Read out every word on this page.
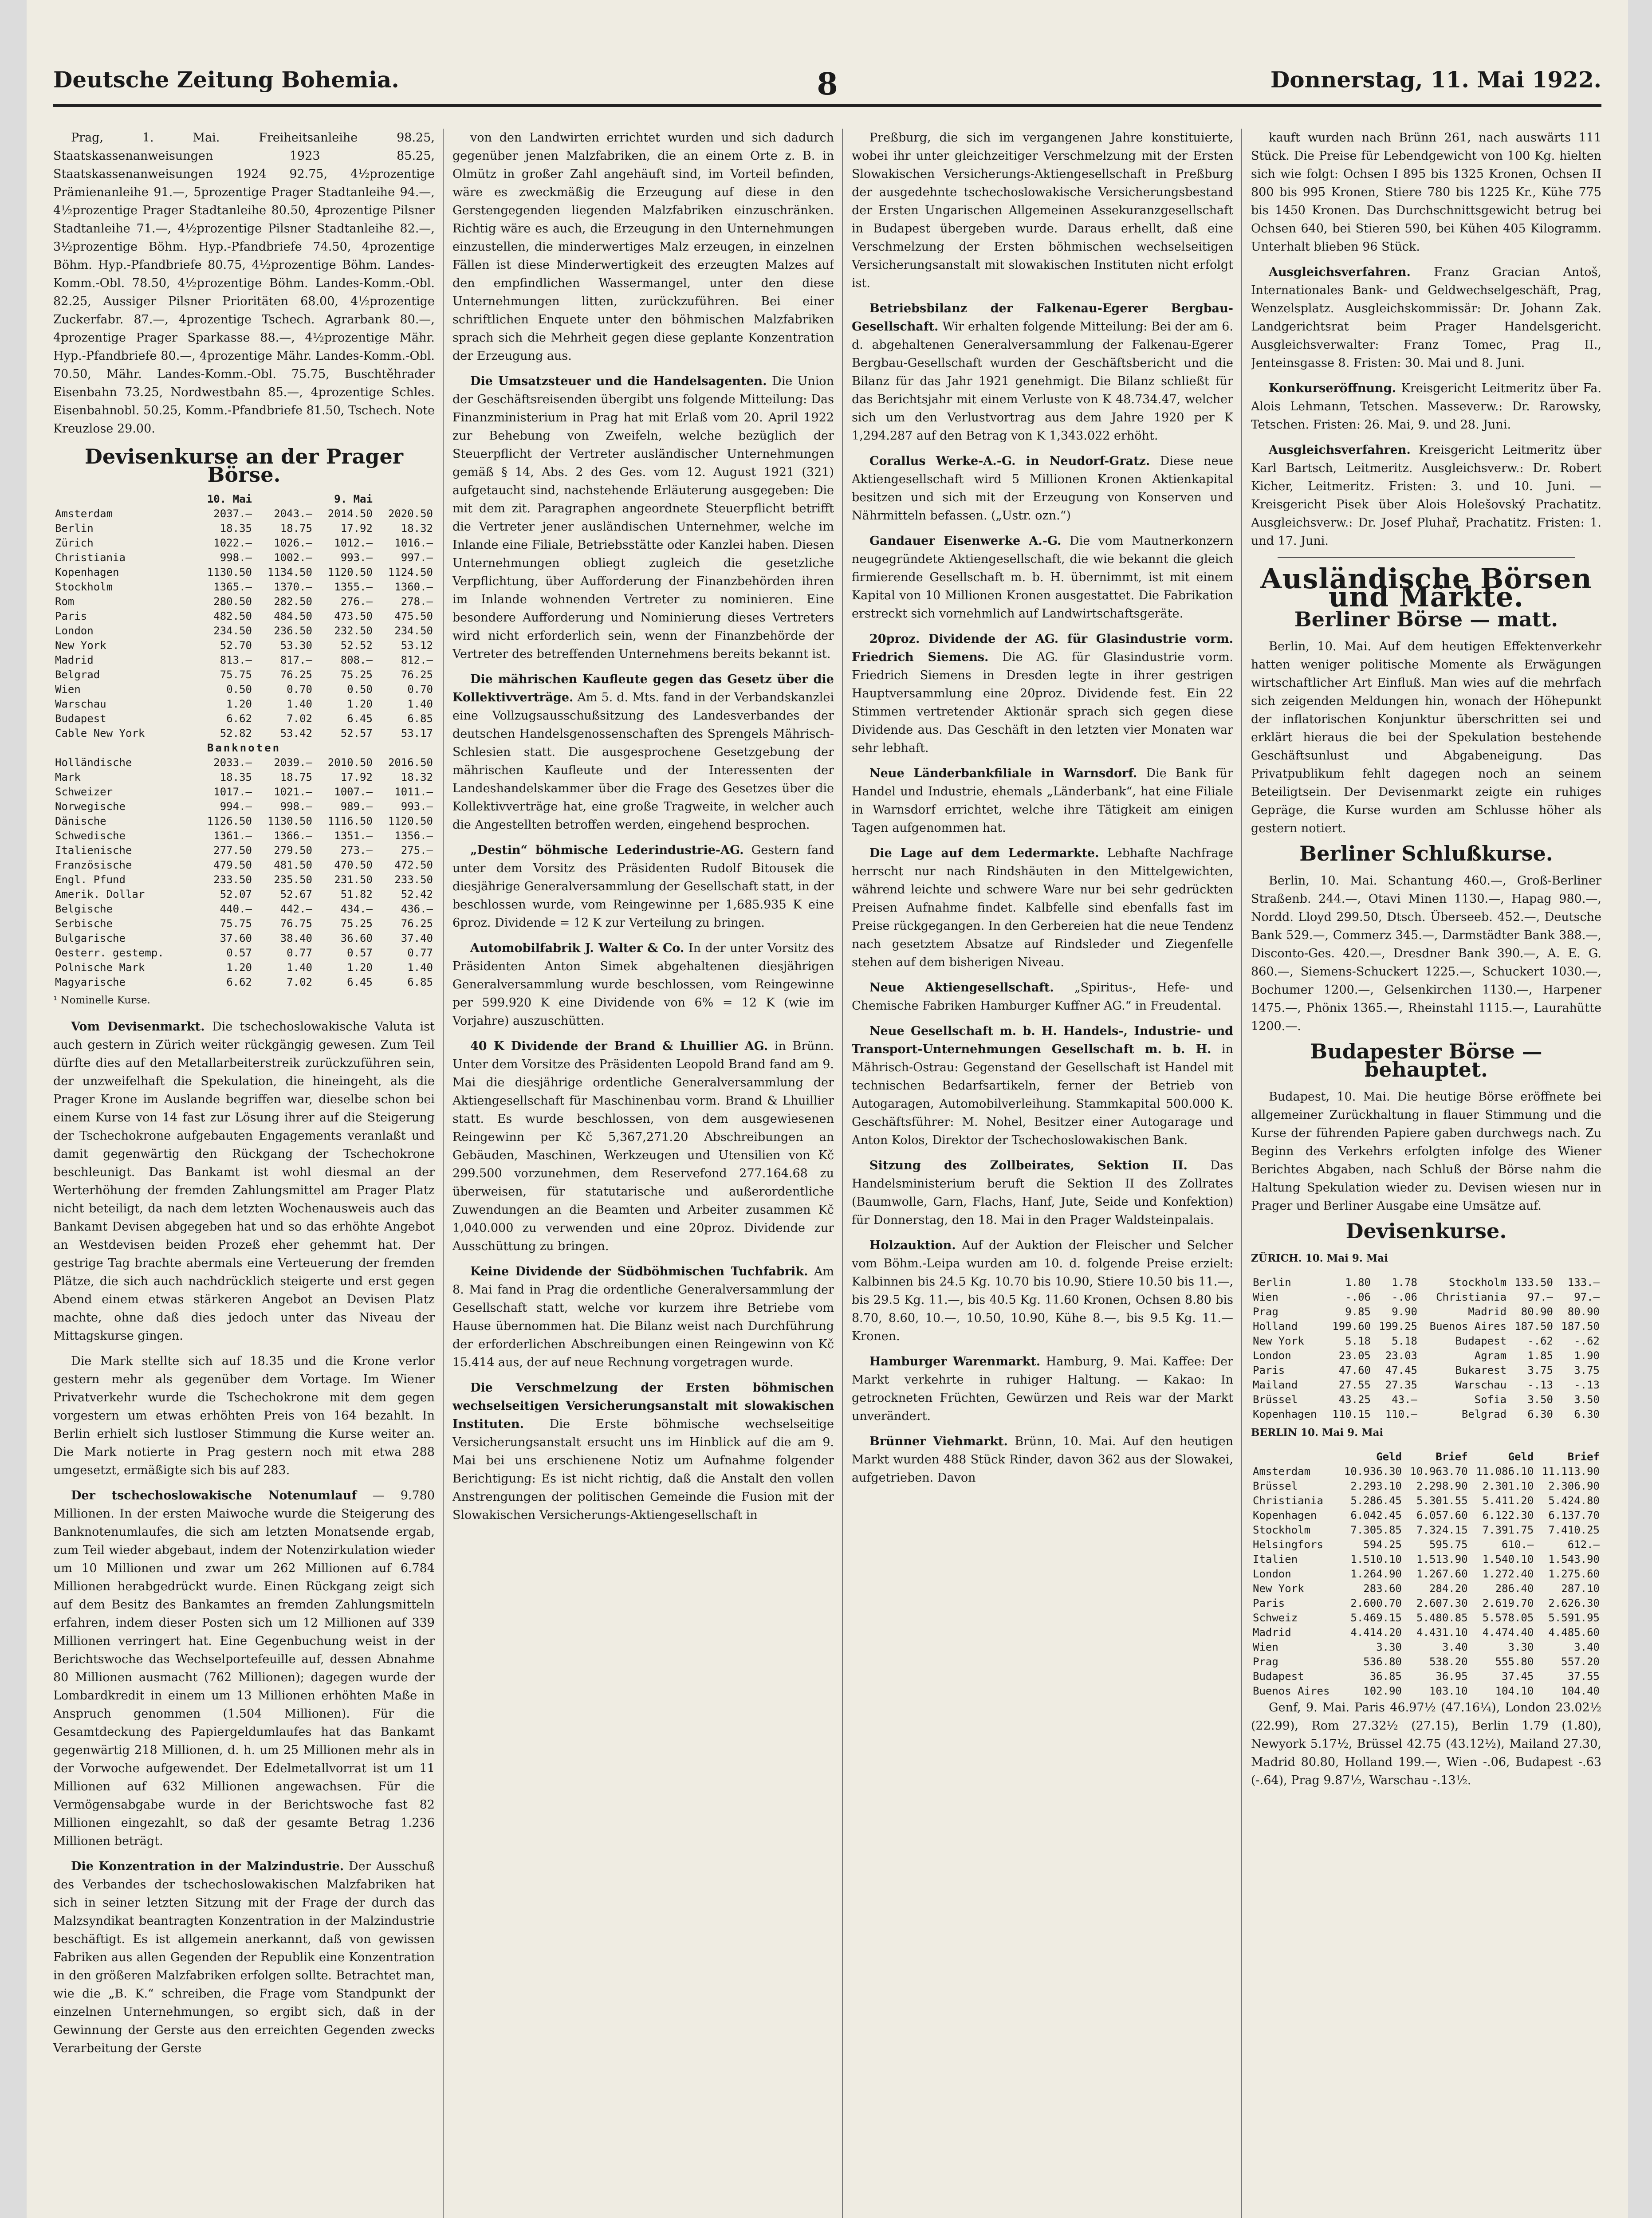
Deutsche Zeitung Bohemia.	8	Donnerstag, 11. Mai 1922.

Prag, 1. Mai. Freiheitsanleihe 98.25, Staatskassenanweisungen 1923 85.25, Staatskassenanweisungen 1924 92.75, 4½prozentige Prämienanleihe 91.—, 5prozentige Prager Stadtanleihe 94.—, 4½prozentige Prager Stadtanleihe 80.50, 4prozentige Pilsner Stadtanleihe 71.—, 4½prozentige Pilsner Stadtanleihe 82.—, 3½prozentige Böhm. Hyp.-Pfandbriefe 74.50, 4prozentige Böhm. Hyp.-Pfandbriefe 80.75, 4½prozentige Böhm. Landes-Komm.-Obl. 78.50, 4½prozentige Böhm. Landes-Komm.-Obl. 82.25, Aussiger Pilsner Prioritäten 68.00, 4½prozentige Zuckerfabr. 87.—, 4prozentige Tschech. Agrarbank 80.—, 4prozentige Prager Sparkasse 88.—, 4½prozentige Mähr. Hyp.-Pfandbriefe 80.—, 4prozentige Mähr. Landes-Komm.-Obl. 70.50, Mähr. Landes-Komm.-Obl. 75.75, Buschtěhrader Eisenbahn 73.25, Nordwestbahn 85.—, 4prozentige Schles. Eisenbahnobl. 50.25, Komm.-Pfandbriefe 81.50, Tschech. Note Kreuzlose 29.00.

Devisenkurse an der Prager Börse.
	10. Mai		9. Mai	
Amsterdam	2037.—	2043.—	2014.50	2020.50
Berlin	18.35	18.75	17.92	18.32
Zürich	1022.—	1026.—	1012.—	1016.—
Christiania	998.—	1002.—	993.—	997.—
Kopenhagen	1130.50	1134.50	1120.50	1124.50
Stockholm	1365.—	1370.—	1355.—	1360.—
Rom	280.50	282.50	276.—	278.—
Paris	482.50	484.50	473.50	475.50
London	234.50	236.50	232.50	234.50
New York	52.70	53.30	52.52	53.12
Madrid	813.—	817.—	808.—	812.—
Belgrad	75.75	76.25	75.25	76.25
Wien	0.50	0.70	0.50	0.70
Warschau	1.20	1.40	1.20	1.40
Budapest	6.62	7.02	6.45	6.85
Cable New York	52.82	53.42	52.57	53.17
Banknoten				
Holländische	2033.—	2039.—	2010.50	2016.50
Mark	18.35	18.75	17.92	18.32
Schweizer	1017.—	1021.—	1007.—	1011.—
Norwegische	994.—	998.—	989.—	993.—
Dänische	1126.50	1130.50	1116.50	1120.50
Schwedische	1361.—	1366.—	1351.—	1356.—
Italienische	277.50	279.50	273.—	275.—
Französische	479.50	481.50	470.50	472.50
Engl. Pfund	233.50	235.50	231.50	233.50
Amerik. Dollar	52.07	52.67	51.82	52.42
Belgische	440.—	442.—	434.—	436.—
Serbische	75.75	76.75	75.25	76.25
Bulgarische	37.60	38.40	36.60	37.40
Oesterr. gestemp.	0.57	0.77	0.57	0.77
Polnische Mark	1.20	1.40	1.20	1.40
Magyarische	6.62	7.02	6.45	6.85
¹ Nominelle Kurse.

Vom Devisenmarkt. Die tschechoslowakische Valuta ist auch gestern in Zürich weiter rückgängig gewesen. Zum Teil dürfte dies auf den Metallarbeiterstreik zurückzuführen sein, der unzweifelhaft die Spekulation, die hineingeht, als die Prager Krone im Auslande begriffen war, dieselbe schon bei einem Kurse von 14 fast zur Lösung ihrer auf die Steigerung der Tschechokrone aufgebauten Engagements veranlaßt und damit gegenwärtig den Rückgang der Tschechokrone beschleunigt. Das Bankamt ist wohl diesmal an der Werterhöhung der fremden Zahlungsmittel am Prager Platz nicht beteiligt, da nach dem letzten Wochenausweis auch das Bankamt Devisen abgegeben hat und so das erhöhte Angebot an Westdevisen beiden Prozeß eher gehemmt hat. Der gestrige Tag brachte abermals eine Verteuerung der fremden Plätze, die sich auch nachdrücklich steigerte und erst gegen Abend einem etwas stärkeren Angebot an Devisen Platz machte, ohne daß dies jedoch unter das Niveau der Mittagskurse gingen.

Die Mark stellte sich auf 18.35 und die Krone verlor gestern mehr als gegenüber dem Vortage. Im Wiener Privatverkehr wurde die Tschechokrone mit dem gegen vorgestern um etwas erhöhten Preis von 164 bezahlt. In Berlin erhielt sich lustloser Stimmung die Kurse weiter an. Die Mark notierte in Prag gestern noch mit etwa 288 umgesetzt, ermäßigte sich bis auf 283.

Der tschechoslowakische Notenumlauf — 9.780 Millionen. In der ersten Maiwoche wurde die Steigerung des Banknotenumlaufes, die sich am letzten Monatsende ergab, zum Teil wieder abgebaut, indem der Notenzirkulation wieder um 10 Millionen und zwar um 262 Millionen auf 6.784 Millionen herabgedrückt wurde. Einen Rückgang zeigt sich auf dem Besitz des Bankamtes an fremden Zahlungsmitteln erfahren, indem dieser Posten sich um 12 Millionen auf 339 Millionen verringert hat. Eine Gegenbuchung weist in der Berichtswoche das Wechselportefeuille auf, dessen Abnahme 80 Millionen ausmacht (762 Millionen); dagegen wurde der Lombardkredit in einem um 13 Millionen erhöhten Maße in Anspruch genommen (1.504 Millionen). Für die Gesamtdeckung des Papiergeldumlaufes hat das Bankamt gegenwärtig 218 Millionen, d. h. um 25 Millionen mehr als in der Vorwoche aufgewendet. Der Edelmetallvorrat ist um 11 Millionen auf 632 Millionen angewachsen. Für die Vermögensabgabe wurde in der Berichtswoche fast 82 Millionen eingezahlt, so daß der gesamte Betrag 1.236 Millionen beträgt.

Die Konzentration in der Malzindustrie. Der Ausschuß des Verbandes der tschechoslowakischen Malzfabriken hat sich in seiner letzten Sitzung mit der Frage der durch das Malzsyndikat beantragten Konzentration in der Malzindustrie beschäftigt. Es ist allgemein anerkannt, daß von gewissen Fabriken aus allen Gegenden der Republik eine Konzentration in den größeren Malzfabriken erfolgen sollte. Betrachtet man, wie die „B. K.“ schreiben, die Frage vom Standpunkt der einzelnen Unternehmungen, so ergibt sich, daß in der Gewinnung der Gerste aus den erreichten Gegenden zwecks Verarbeitung der Gerste

von den Landwirten errichtet wurden und sich dadurch gegenüber jenen Malzfabriken, die an einem Orte z. B. in Olmütz in großer Zahl angehäuft sind, im Vorteil befinden, wäre es zweckmäßig die Erzeugung auf diese in den Gerstengegenden liegenden Malzfabriken einzuschränken. Richtig wäre es auch, die Erzeugung in den Unternehmungen einzustellen, die minderwertiges Malz erzeugen, in einzelnen Fällen ist diese Minderwertigkeit des erzeugten Malzes auf den empfindlichen Wassermangel, unter den diese Unternehmungen litten, zurückzuführen. Bei einer schriftlichen Enquete unter den böhmischen Malzfabriken sprach sich die Mehrheit gegen diese geplante Konzentration der Erzeugung aus.

Die Umsatzsteuer und die Handelsagenten. Die Union der Geschäftsreisenden übergibt uns folgende Mitteilung: Das Finanzministerium in Prag hat mit Erlaß vom 20. April 1922 zur Behebung von Zweifeln, welche bezüglich der Steuerpflicht der Vertreter ausländischer Unternehmungen gemäß § 14, Abs. 2 des Ges. vom 12. August 1921 (321) aufgetaucht sind, nachstehende Erläuterung ausgegeben: Die mit dem zit. Paragraphen angeordnete Steuerpflicht betrifft die Vertreter jener ausländischen Unternehmer, welche im Inlande eine Filiale, Betriebsstätte oder Kanzlei haben. Diesen Unternehmungen obliegt zugleich die gesetzliche Verpflichtung, über Aufforderung der Finanzbehörden ihren im Inlande wohnenden Vertreter zu nominieren. Eine besondere Aufforderung und Nominierung dieses Vertreters wird nicht erforderlich sein, wenn der Finanzbehörde der Vertreter des betreffenden Unternehmens bereits bekannt ist.

Die mährischen Kaufleute gegen das Gesetz über die Kollektivverträge. Am 5. d. Mts. fand in der Verbandskanzlei eine Vollzugsausschußsitzung des Landesverbandes der deutschen Handelsgenossenschaften des Sprengels Mährisch-Schlesien statt. Die ausgesprochene Gesetzgebung der mährischen Kaufleute und der Interessenten der Landeshandelskammer über die Frage des Gesetzes über die Kollektivverträge hat, eine große Tragweite, in welcher auch die Angestellten betroffen werden, eingehend besprochen.

„Destin“ böhmische Lederindustrie-AG. Gestern fand unter dem Vorsitz des Präsidenten Rudolf Bitousek die diesjährige Generalversammlung der Gesellschaft statt, in der beschlossen wurde, vom Reingewinne per 1,685.935 K eine 6proz. Dividende = 12 K zur Verteilung zu bringen.

Automobilfabrik J. Walter & Co. In der unter Vorsitz des Präsidenten Anton Simek abgehaltenen diesjährigen Generalversammlung wurde beschlossen, vom Reingewinne per 599.920 K eine Dividende von 6% = 12 K (wie im Vorjahre) auszuschütten.

40 K Dividende der Brand & Lhuillier AG. in Brünn. Unter dem Vorsitze des Präsidenten Leopold Brand fand am 9. Mai die diesjährige ordentliche Generalversammlung der Aktiengesellschaft für Maschinenbau vorm. Brand & Lhuillier statt. Es wurde beschlossen, von dem ausgewiesenen Reingewinn per Kč 5,367,271.20 Abschreibungen an Gebäuden, Maschinen, Werkzeugen und Utensilien von Kč 299.500 vorzunehmen, dem Reservefond 277.164.68 zu überweisen, für statutarische und außerordentliche Zuwendungen an die Beamten und Arbeiter zusammen Kč 1,040.000 zu verwenden und eine 20proz. Dividende zur Ausschüttung zu bringen.

Keine Dividende der Südböhmischen Tuchfabrik. Am 8. Mai fand in Prag die ordentliche Generalversammlung der Gesellschaft statt, welche vor kurzem ihre Betriebe vom Hause übernommen hat. Die Bilanz weist nach Durchführung der erforderlichen Abschreibungen einen Reingewinn von Kč 15.414 aus, der auf neue Rechnung vorgetragen wurde.

Die Verschmelzung der Ersten böhmischen wechselseitigen Versicherungsanstalt mit slowakischen Instituten. Die Erste böhmische wechselseitige Versicherungsanstalt ersucht uns im Hinblick auf die am 9. Mai bei uns erschienene Notiz um Aufnahme folgender Berichtigung: Es ist nicht richtig, daß die Anstalt den vollen Anstrengungen der politischen Gemeinde die Fusion mit der Slowakischen Versicherungs-Aktiengesellschaft in

Preßburg, die sich im vergangenen Jahre konstituierte, wobei ihr unter gleichzeitiger Verschmelzung mit der Ersten Slowakischen Versicherungs-Aktiengesellschaft in Preßburg der ausgedehnte tschechoslowakische Versicherungsbestand der Ersten Ungarischen Allgemeinen Assekuranzgesellschaft in Budapest übergeben wurde. Daraus erhellt, daß eine Verschmelzung der Ersten böhmischen wechselseitigen Versicherungsanstalt mit slowakischen Instituten nicht erfolgt ist.

Betriebsbilanz der Falkenau-Egerer Bergbau-Gesellschaft. Wir erhalten folgende Mitteilung: Bei der am 6. d. abgehaltenen Generalversammlung der Falkenau-Egerer Bergbau-Gesellschaft wurden der Geschäftsbericht und die Bilanz für das Jahr 1921 genehmigt. Die Bilanz schließt für das Berichtsjahr mit einem Verluste von K 48.734.47, welcher sich um den Verlustvortrag aus dem Jahre 1920 per K 1,294.287 auf den Betrag von K 1,343.022 erhöht.

Corallus Werke-A.-G. in Neudorf-Gratz. Diese neue Aktiengesellschaft wird 5 Millionen Kronen Aktienkapital besitzen und sich mit der Erzeugung von Konserven und Nährmitteln befassen. („Ustr. ozn.“)

Gandauer Eisenwerke A.-G. Die vom Mautnerkonzern neugegründete Aktiengesellschaft, die wie bekannt die gleich firmierende Gesellschaft m. b. H. übernimmt, ist mit einem Kapital von 10 Millionen Kronen ausgestattet. Die Fabrikation erstreckt sich vornehmlich auf Landwirtschaftsgeräte.

20proz. Dividende der AG. für Glasindustrie vorm. Friedrich Siemens. Die AG. für Glasindustrie vorm. Friedrich Siemens in Dresden legte in ihrer gestrigen Hauptversammlung eine 20proz. Dividende fest. Ein 22 Stimmen vertretender Aktionär sprach sich gegen diese Dividende aus. Das Geschäft in den letzten vier Monaten war sehr lebhaft.

Neue Länderbankfiliale in Warnsdorf. Die Bank für Handel und Industrie, ehemals „Länderbank“, hat eine Filiale in Warnsdorf errichtet, welche ihre Tätigkeit am einigen Tagen aufgenommen hat.

Die Lage auf dem Ledermarkte. Lebhafte Nachfrage herrscht nur nach Rindshäuten in den Mittelgewichten, während leichte und schwere Ware nur bei sehr gedrückten Preisen Aufnahme findet. Kalbfelle sind ebenfalls fast im Preise rückgegangen. In den Gerbereien hat die neue Tendenz nach gesetztem Absatze auf Rindsleder und Ziegenfelle stehen auf dem bisherigen Niveau.

Neue Aktiengesellschaft. „Spiritus-, Hefe- und Chemische Fabriken Hamburger Kuffner AG.“ in Freudental.

Neue Gesellschaft m. b. H. Handels-, Industrie- und Transport-Unternehmungen Gesellschaft m. b. H. in Mährisch-Ostrau: Gegenstand der Gesellschaft ist Handel mit technischen Bedarfsartikeln, ferner der Betrieb von Autogaragen, Automobilverleihung. Stammkapital 500.000 K. Geschäftsführer: M. Nohel, Besitzer einer Autogarage und Anton Kolos, Direktor der Tschechoslowakischen Bank.

Sitzung des Zollbeirates, Sektion II. Das Handelsministerium beruft die Sektion II des Zollrates (Baumwolle, Garn, Flachs, Hanf, Jute, Seide und Konfektion) für Donnerstag, den 18. Mai in den Prager Waldsteinpalais.

Holzauktion. Auf der Auktion der Fleischer und Selcher vom Böhm.-Leipa wurden am 10. d. folgende Preise erzielt: Kalbinnen bis 24.5 Kg. 10.70 bis 10.90, Stiere 10.50 bis 11.—, bis 29.5 Kg. 11.—, bis 40.5 Kg. 11.60 Kronen, Ochsen 8.80 bis 8.70, 8.60, 10.—, 10.50, 10.90, Kühe 8.—, bis 9.5 Kg. 11.— Kronen.

Hamburger Warenmarkt. Hamburg, 9. Mai. Kaffee: Der Markt verkehrte in ruhiger Haltung. — Kakao: In getrockneten Früchten, Gewürzen und Reis war der Markt unverändert.

Brünner Viehmarkt. Brünn, 10. Mai. Auf den heutigen Markt wurden 488 Stück Rinder, davon 362 aus der Slowakei, aufgetrieben. Davon

kauft wurden nach Brünn 261, nach auswärts 111 Stück. Die Preise für Lebendgewicht von 100 Kg. hielten sich wie folgt: Ochsen I 895 bis 1325 Kronen, Ochsen II 800 bis 995 Kronen, Stiere 780 bis 1225 Kr., Kühe 775 bis 1450 Kronen. Das Durchschnittsgewicht betrug bei Ochsen 640, bei Stieren 590, bei Kühen 405 Kilogramm. Unterhalt blieben 96 Stück.

Ausgleichsverfahren. Franz Gracian Antoš, Internationales Bank- und Geldwechselgeschäft, Prag, Wenzelsplatz. Ausgleichskommissär: Dr. Johann Zak. Landgerichtsrat beim Prager Handelsgericht. Ausgleichsverwalter: Franz Tomec, Prag II., Jenteinsgasse 8. Fristen: 30. Mai und 8. Juni.

Konkurseröffnung. Kreisgericht Leitmeritz über Fa. Alois Lehmann, Tetschen. Masseverw.: Dr. Rarowsky, Tetschen. Fristen: 26. Mai, 9. und 28. Juni.

Ausgleichsverfahren. Kreisgericht Leitmeritz über Karl Bartsch, Leitmeritz. Ausgleichsverw.: Dr. Robert Kicher, Leitmeritz. Fristen: 3. und 10. Juni. — Kreisgericht Pisek über Alois Holešovský Prachatitz. Ausgleichsverw.: Dr. Josef Pluhař, Prachatitz. Fristen: 1. und 17. Juni.

Ausländische Börsen und Märkte.
Berliner Börse — matt.

Berlin, 10. Mai. Auf dem heutigen Effektenverkehr hatten weniger politische Momente als Erwägungen wirtschaftlicher Art Einfluß. Man wies auf die mehrfach sich zeigenden Meldungen hin, wonach der Höhepunkt der inflatorischen Konjunktur überschritten sei und erklärt hieraus die bei der Spekulation bestehende Geschäftsunlust und Abgabeneigung. Das Privatpublikum fehlt dagegen noch an seinem Beteiligtsein. Der Devisenmarkt zeigte ein ruhiges Gepräge, die Kurse wurden am Schlusse höher als gestern notiert.

Berliner Schlußkurse.

Berlin, 10. Mai. Schantung 460.—, Groß-Berliner Straßenb. 244.—, Otavi Minen 1130.—, Hapag 980.—, Nordd. Lloyd 299.50, Dtsch. Überseeb. 452.—, Deutsche Bank 529.—, Commerz 345.—, Darmstädter Bank 388.—, Disconto-Ges. 420.—, Dresdner Bank 390.—, A. E. G. 860.—, Siemens-Schuckert 1225.—, Schuckert 1030.—, Bochumer 1200.—, Gelsenkirchen 1130.—, Harpener 1475.—, Phönix 1365.—, Rheinstahl 1115.—, Laurahütte 1200.—.

Budapester Börse — behauptet.

Budapest, 10. Mai. Die heutige Börse eröffnete bei allgemeiner Zurückhaltung in flauer Stimmung und die Kurse der führenden Papiere gaben durchwegs nach. Zu Beginn des Verkehrs erfolgten infolge des Wiener Berichtes Abgaben, nach Schluß der Börse nahm die Haltung Spekulation wieder zu. Devisen wiesen nur in Prager und Berliner Ausgabe eine Umsätze auf.

Devisenkurse.
ZÜRICH. 10. Mai 9. Mai
Berlin	1.80	1.78	Stockholm	133.50	133.—
Wien	-.06	-.06	Christiania	97.—	97.—
Prag	9.85	9.90	Madrid	80.90	80.90
Holland	199.60	199.25	Buenos Aires	187.50	187.50
New York	5.18	5.18	Budapest	-.62	-.62
London	23.05	23.03	Agram	1.85	1.90
Paris	47.60	47.45	Bukarest	3.75	3.75
Mailand	27.55	27.35	Warschau	-.13	-.13
Brüssel	43.25	43.—	Sofia	3.50	3.50
Kopenhagen	110.15	110.—	Belgrad	6.30	6.30
BERLIN 10. Mai 9. Mai
	Geld	Brief	Geld	Brief
Amsterdam	10.936.30	10.963.70	11.086.10	11.113.90
Brüssel	2.293.10	2.298.90	2.301.10	2.306.90
Christiania	5.286.45	5.301.55	5.411.20	5.424.80
Kopenhagen	6.042.45	6.057.60	6.122.30	6.137.70
Stockholm	7.305.85	7.324.15	7.391.75	7.410.25
Helsingfors	594.25	595.75	610.—	612.—
Italien	1.510.10	1.513.90	1.540.10	1.543.90
London	1.264.90	1.267.60	1.272.40	1.275.60
New York	283.60	284.20	286.40	287.10
Paris	2.600.70	2.607.30	2.619.70	2.626.30
Schweiz	5.469.15	5.480.85	5.578.05	5.591.95
Madrid	4.414.20	4.431.10	4.474.40	4.485.60
Wien	3.30	3.40	3.30	3.40
Prag	536.80	538.20	555.80	557.20
Budapest	36.85	36.95	37.45	37.55
Buenos Aires	102.90	103.10	104.10	104.40

Genf, 9. Mai. Paris 46.97½ (47.16¼), London 23.02½ (22.99), Rom 27.32½ (27.15), Berlin 1.79 (1.80), Newyork 5.17½, Brüssel 42.75 (43.12½), Mailand 27.30, Madrid 80.80, Holland 199.—, Wien -.06, Budapest -.63 (-.64), Prag 9.87½, Warschau -.13½.
